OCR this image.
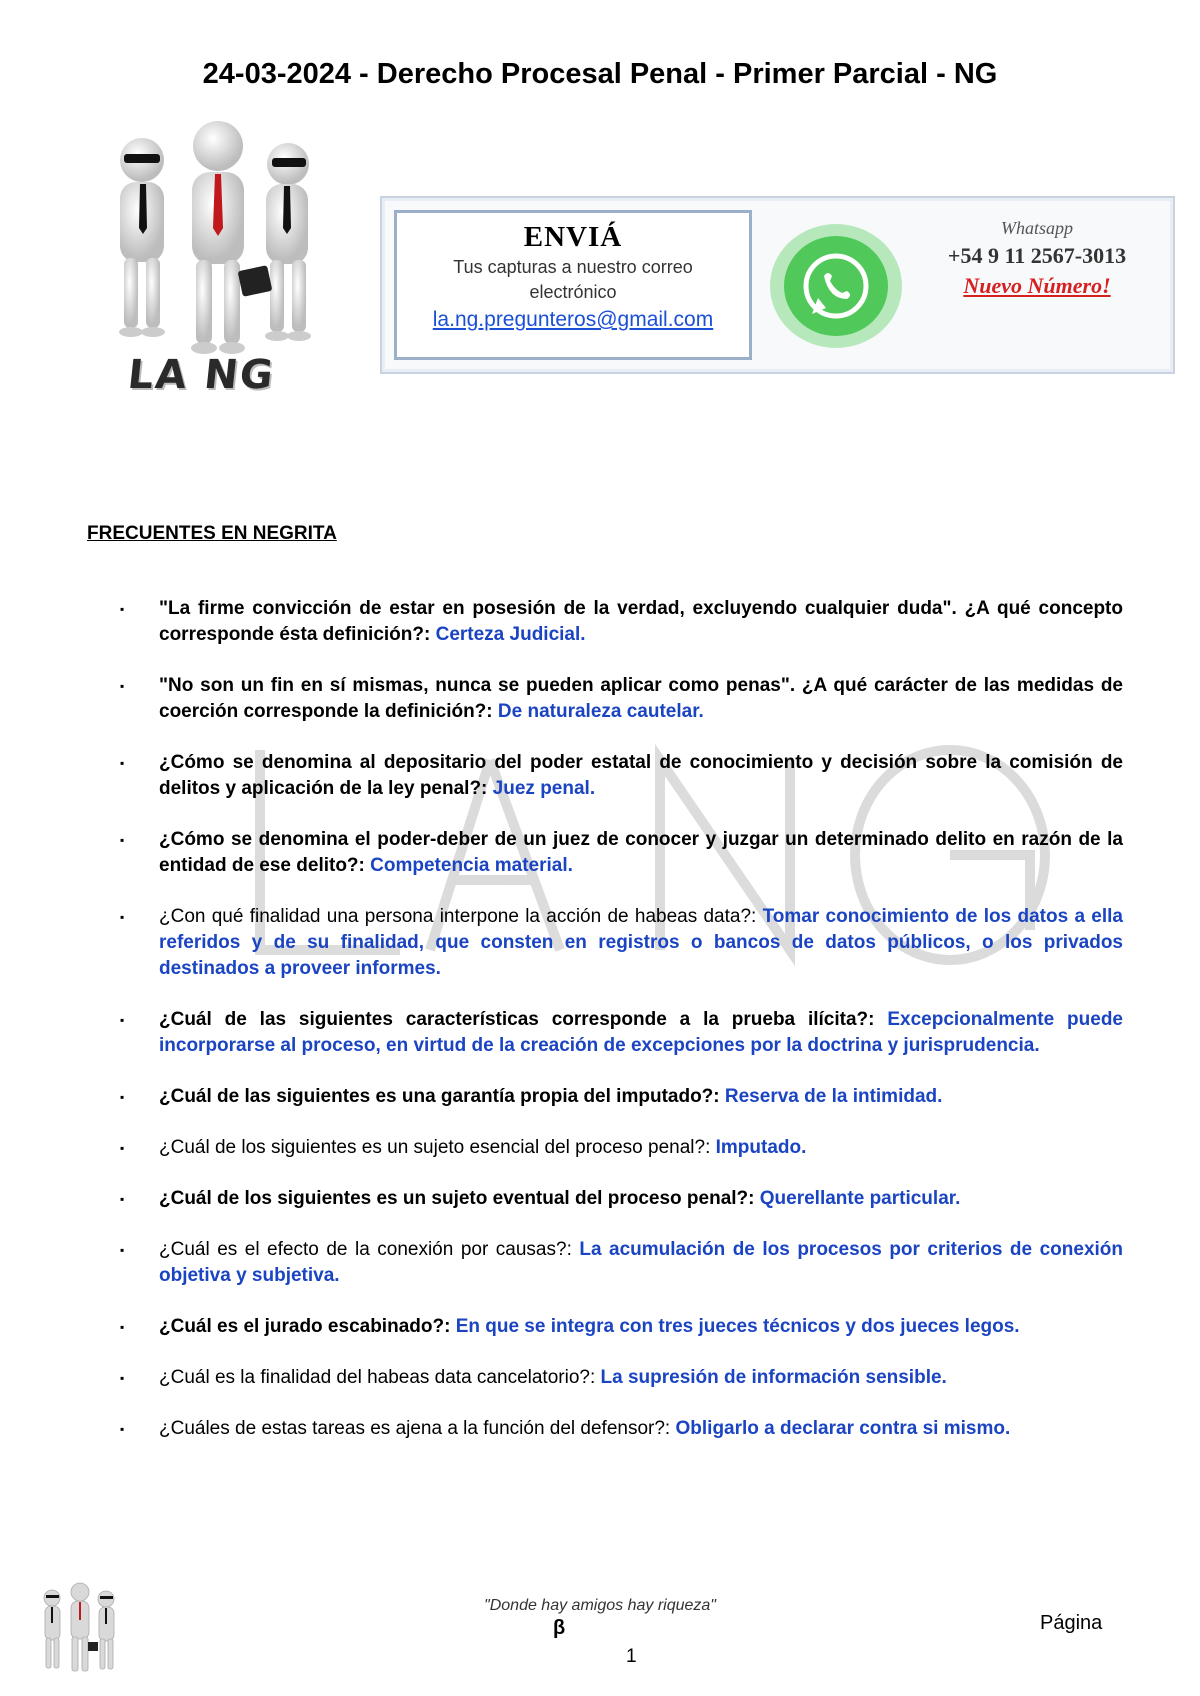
24-03-2024 - Derecho Procesal Penal - Primer Parcial - NG
LA NG
ENVIÁ
Tus capturas a nuestro correo
electrónico
la.ng.pregunteros@gmail.com
Whatsapp
+54 9 11 2567-3013
Nuevo Número!
FRECUENTES EN NEGRITA
▪ "La firme convicción de estar en posesión de la verdad, excluyendo cualquier duda". ¿A qué concepto corresponde ésta definición?: Certeza Judicial.
▪ "No son un fin en sí mismas, nunca se pueden aplicar como penas". ¿A qué carácter de las medidas de coerción corresponde la definición?: De naturaleza cautelar.
▪ ¿Cómo se denomina al depositario del poder estatal de conocimiento y decisión sobre la comisión de delitos y aplicación de la ley penal?: Juez penal.
▪ ¿Cómo se denomina el poder-deber de un juez de conocer y juzgar un determinado delito en razón de la entidad de ese delito?: Competencia material.
▪ ¿Con qué finalidad una persona interpone la acción de habeas data?: Tomar conocimiento de los datos a ella referidos y de su finalidad, que consten en registros o bancos de datos públicos, o los privados destinados a proveer informes.
▪ ¿Cuál de las siguientes características corresponde a la prueba ilícita?: Excepcionalmente puede incorporarse al proceso, en virtud de la creación de excepciones por la doctrina y jurisprudencia.
▪ ¿Cuál de las siguientes es una garantía propia del imputado?: Reserva de la intimidad.
▪ ¿Cuál de los siguientes es un sujeto esencial del proceso penal?: Imputado.
▪ ¿Cuál de los siguientes es un sujeto eventual del proceso penal?: Querellante particular.
▪ ¿Cuál es el efecto de la conexión por causas?: La acumulación de los procesos por criterios de conexión objetiva y subjetiva.
▪ ¿Cuál es el jurado escabinado?: En que se integra con tres jueces técnicos y dos jueces legos.
▪ ¿Cuál es la finalidad del habeas data cancelatorio?: La supresión de información sensible.
▪ ¿Cuáles de estas tareas es ajena a la función del defensor?: Obligarlo a declarar contra si mismo.
"Donde hay amigos hay riqueza"
β	Página
1
